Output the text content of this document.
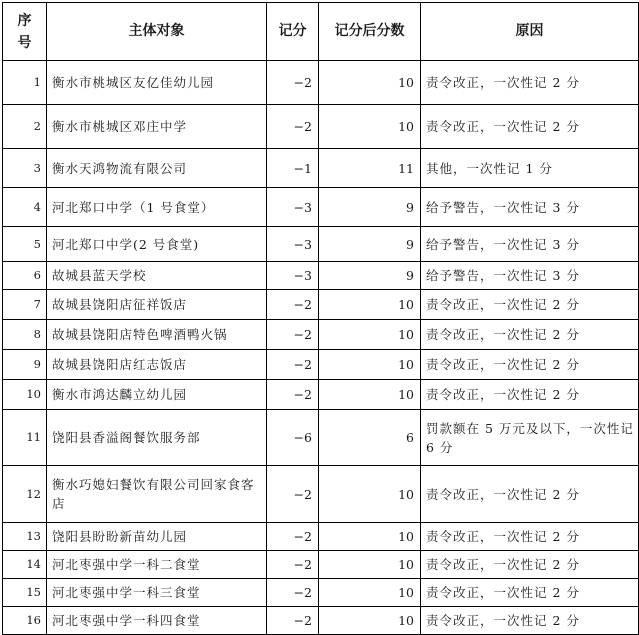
序号	主体对象	记分	记分后分数	原因
1	衡水市桃城区友亿佳幼儿园	−2	10	责令改正，一次性记 2 分
2	衡水市桃城区邓庄中学	−2	10	责令改正，一次性记 2 分
3	衡水天鸿物流有限公司	−1	11	其他，一次性记 1 分
4	河北郑口中学（1 号食堂）	−3	9	给予警告，一次性记 3 分
5	河北郑口中学(2 号食堂)	−3	9	给予警告，一次性记 3 分
6	故城县蓝天学校	−3	9	给予警告，一次性记 3 分
7	故城县饶阳店征祥饭店	−2	10	责令改正，一次性记 2 分
8	故城县饶阳店特色啤酒鸭火锅	−2	10	责令改正，一次性记 2 分
9	故城县饶阳店红志饭店	−2	10	责令改正，一次性记 2 分
10	衡水市鸿达麟立幼儿园	−2	10	责令改正，一次性记 2 分
11	饶阳县香溢阁餐饮服务部	−6	6	罚款额在 5 万元及以下，一次性记 6 分
12	衡水巧媳妇餐饮有限公司回家食客店	−2	10	责令改正，一次性记 2 分
13	饶阳县盼盼新苗幼儿园	−2	10	责令改正，一次性记 2 分
14	河北枣强中学一科二食堂	−2	10	责令改正，一次性记 2 分
15	河北枣强中学一科三食堂	−2	10	责令改正，一次性记 2 分
16	河北枣强中学一科四食堂	−2	10	责令改正，一次性记 2 分
